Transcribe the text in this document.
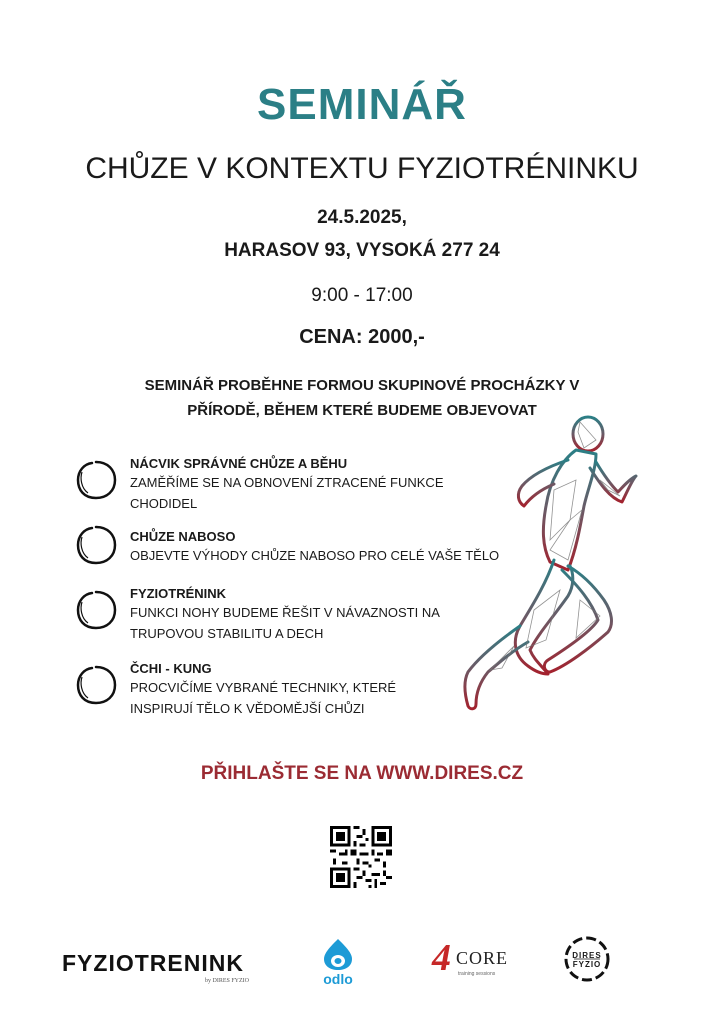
SEMINÁŘ
CHŮZE V KONTEXTU FYZIOTRÉNINKU
24.5.2025,
HARASOV 93, VYSOKÁ 277 24
9:00 - 17:00
CENA: 2000,-
SEMINÁŘ PROBĚHNE FORMOU SKUPINOVÉ PROCHÁZKY V
PŘÍRODĚ, BĚHEM KTERÉ BUDEME OBJEVOVAT
NÁCVIK SPRÁVNÉ CHŮZE A BĚHU
ZAMĚŘÍME SE NA OBNOVENÍ ZTRACENÉ FUNKCE
CHODIDEL
CHŮZE NABOSO
OBJEVTE VÝHODY CHŮZE NABOSO PRO CELÉ VAŠE TĚLO
FYZIOTRÉNINK
FUNKCI NOHY BUDEME ŘEŠIT V NÁVAZNOSTI NA
TRUPOVOU STABILITU A DECH
ČCHI - KUNG
PROCVIČÍME VYBRANÉ TECHNIKY, KTERÉ
INSPIRUJÍ TĚLO K VĚDOMĚJŠÍ CHŮZI
PŘIHLAŠTE SE NA WWW.DIRES.CZ
FYZIOTRENINK
by DIRES FYZIO	odlo 4 CORE
training sessions
DIRES
FYZIO
